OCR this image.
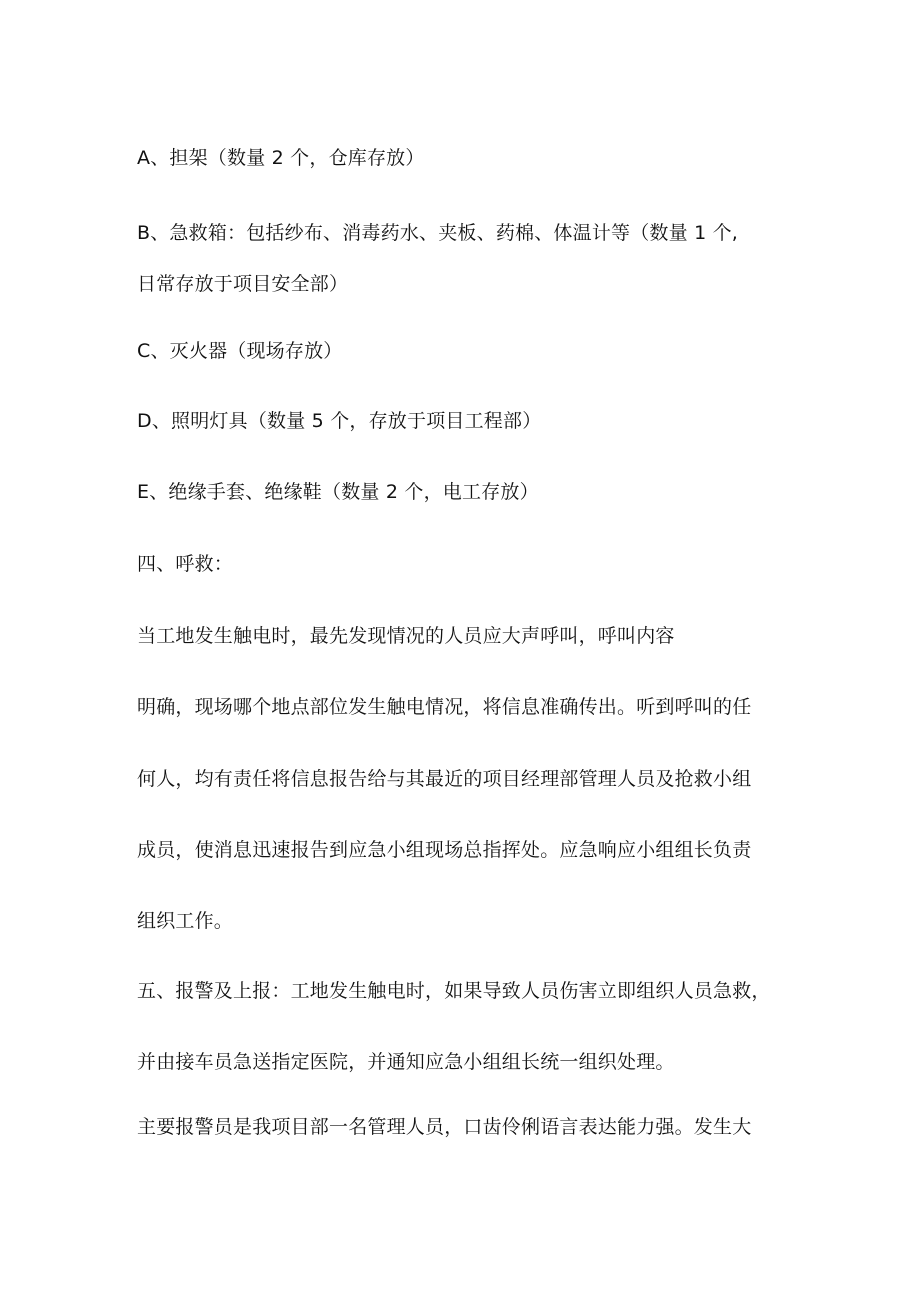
A、担架（数量 2 个，仓库存放）
B、急救箱：包括纱布、消毒药水、夹板、药棉、体温计等（数量 1 个,
日常存放于项目安全部）
C、灭火器（现场存放）
D、照明灯具（数量 5 个，存放于项目工程部）
E、绝缘手套、绝缘鞋（数量 2 个，电工存放）
四、呼救：
当工地发生触电时，最先发现情况的人员应大声呼叫，呼叫内容
明确，现场哪个地点部位发生触电情况，将信息准确传出。听到呼叫的任
何人，均有责任将信息报告给与其最近的项目经理部管理人员及抢救小组
成员，使消息迅速报告到应急小组现场总指挥处。应急响应小组组长负责
组织工作。
五、报警及上报：工地发生触电时，如果导致人员伤害立即组织人员急救，
并由接车员急送指定医院，并通知应急小组组长统一组织处理。
主要报警员是我项目部一名管理人员，口齿伶俐语言表达能力强。发生大
